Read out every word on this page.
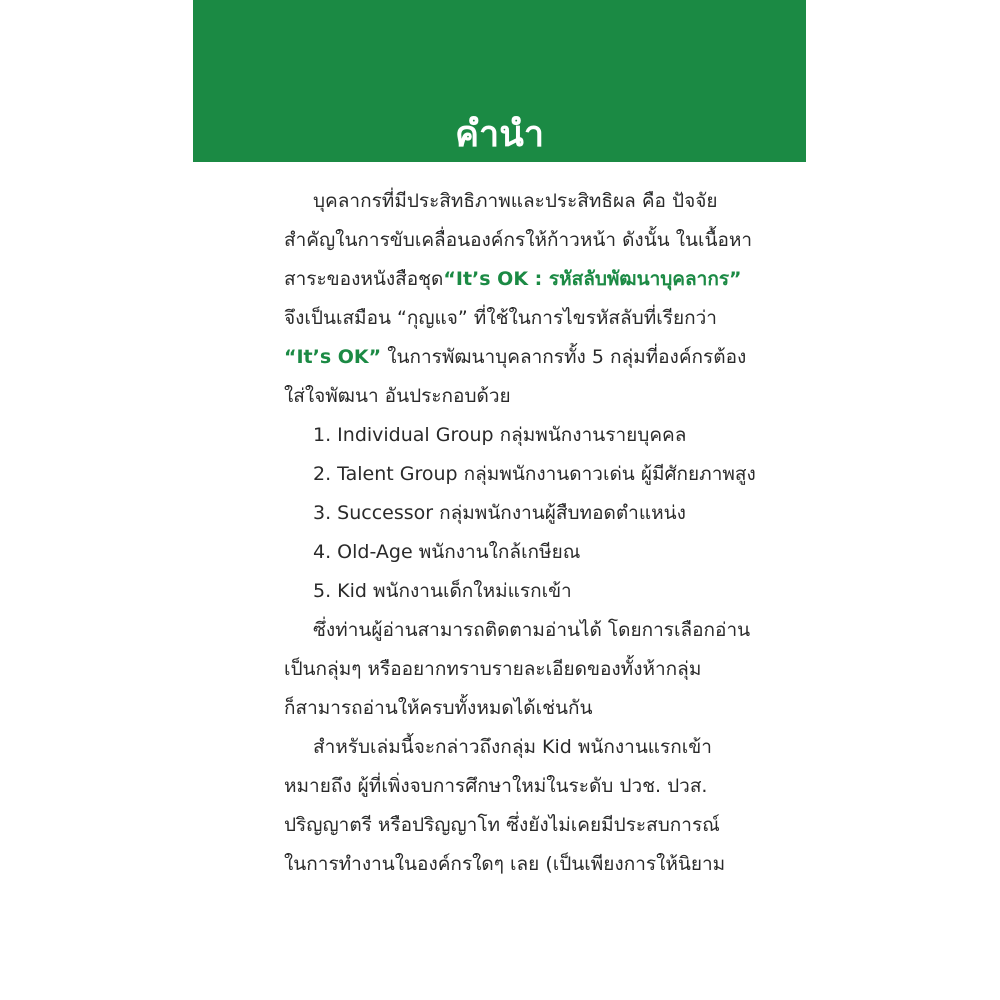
คำนำ

บุคลากรที่มีประสิทธิภาพและประสิทธิผล คือ ปัจจัย
สำคัญในการขับเคลื่อนองค์กรให้ก้าวหน้า ดังนั้น ในเนื้อหา
สาระของหนังสือชุด“It’s OK : รหัสลับพัฒนาบุคลากร”
จึงเป็นเสมือน “กุญแจ” ที่ใช้ในการไขรหัสลับที่เรียกว่า
“It’s OK” ในการพัฒนาบุคลากรทั้ง 5 กลุ่มที่องค์กรต้อง
ใส่ใจพัฒนา อันประกอบด้วย

1. Individual Group กลุ่มพนักงานรายบุคคล
2. Talent Group กลุ่มพนักงานดาวเด่น ผู้มีศักยภาพสูง
3. Successor กลุ่มพนักงานผู้สืบทอดตำแหน่ง
4. Old-Age พนักงานใกล้เกษียณ
5. Kid พนักงานเด็กใหม่แรกเข้า

ซึ่งท่านผู้อ่านสามารถติดตามอ่านได้ โดยการเลือกอ่าน
เป็นกลุ่มๆ หรืออยากทราบรายละเอียดของทั้งห้ากลุ่ม
ก็สามารถอ่านให้ครบทั้งหมดได้เช่นกัน

สำหรับเล่มนี้จะกล่าวถึงกลุ่ม Kid พนักงานแรกเข้า
หมายถึง ผู้ที่เพิ่งจบการศึกษาใหม่ในระดับ ปวช. ปวส.
ปริญญาตรี หรือปริญญาโท ซึ่งยังไม่เคยมีประสบการณ์
ในการทำงานในองค์กรใดๆ เลย (เป็นเพียงการให้นิยาม
